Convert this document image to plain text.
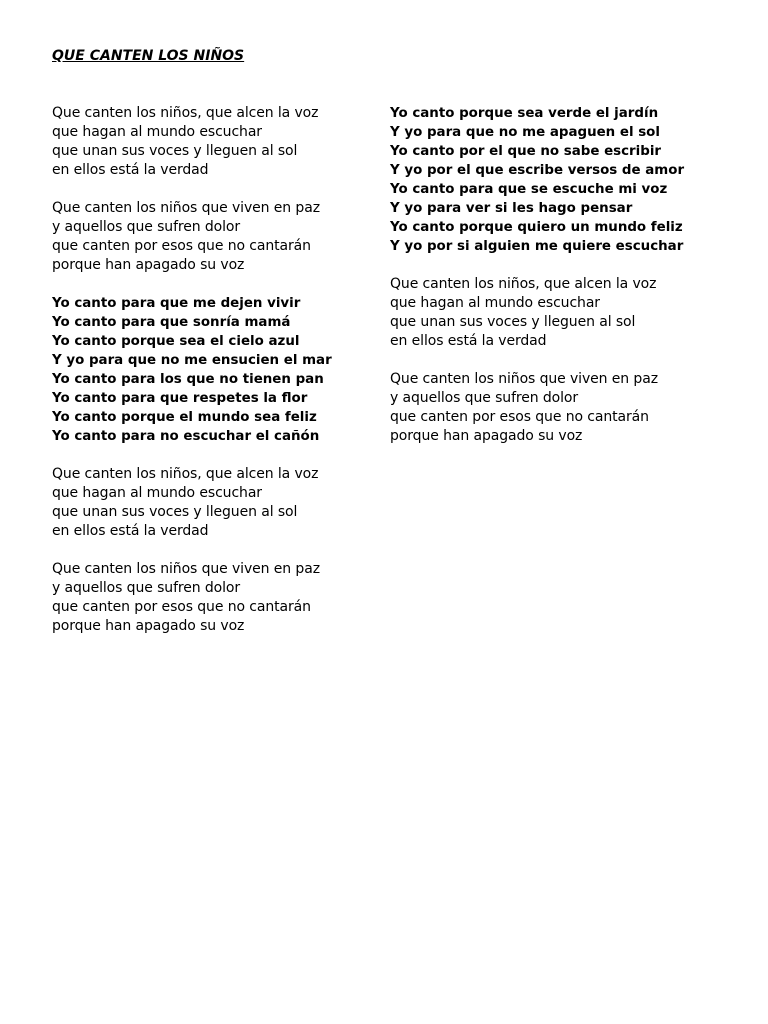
QUE CANTEN LOS NIÑOS
Que canten los niños, que alcen la voz
que hagan al mundo escuchar
que unan sus voces y lleguen al sol
en ellos está la verdad
Que canten los niños que viven en paz
y aquellos que sufren dolor
que canten por esos que no cantarán
porque han apagado su voz
Yo canto para que me dejen vivir
Yo canto para que sonría mamá
Yo canto porque sea el cielo azul
Y yo para que no me ensucien el mar
Yo canto para los que no tienen pan
Yo canto para que respetes la flor
Yo canto porque el mundo sea feliz
Yo canto para no escuchar el cañón
Que canten los niños, que alcen la voz
que hagan al mundo escuchar
que unan sus voces y lleguen al sol
en ellos está la verdad
Que canten los niños que viven en paz
y aquellos que sufren dolor
que canten por esos que no cantarán
porque han apagado su voz
Yo canto porque sea verde el jardín
Y yo para que no me apaguen el sol
Yo canto por el que no sabe escribir
Y yo por el que escribe versos de amor
Yo canto para que se escuche mi voz
Y yo para ver si les hago pensar
Yo canto porque quiero un mundo feliz
Y yo por si alguien me quiere escuchar
Que canten los niños, que alcen la voz
que hagan al mundo escuchar
que unan sus voces y lleguen al sol
en ellos está la verdad
Que canten los niños que viven en paz
y aquellos que sufren dolor
que canten por esos que no cantarán
porque han apagado su voz
